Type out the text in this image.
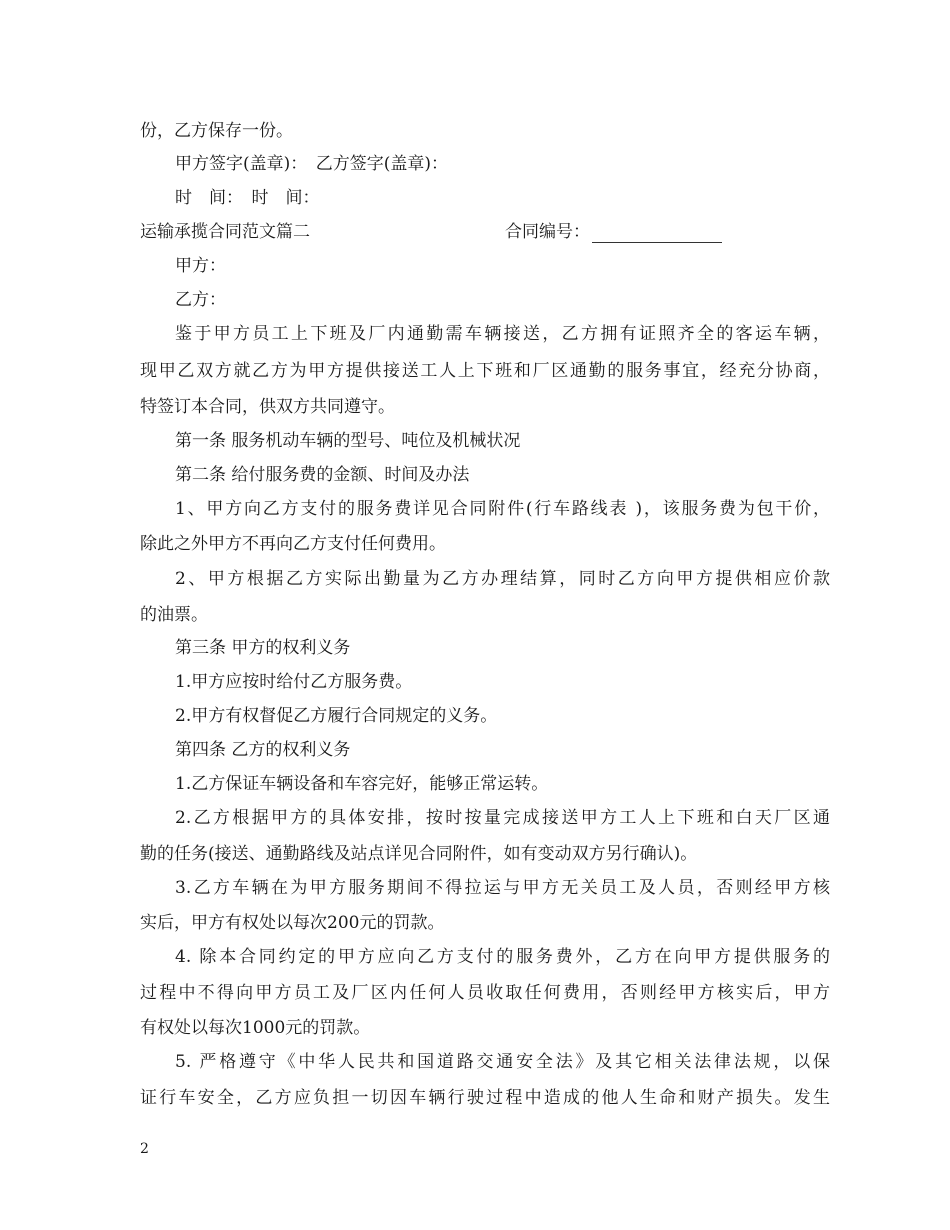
份，乙方保存一份。
甲方签字(盖章)：　乙方签字(盖章)：
时　间：　时　间：
运输承揽合同范文篇二	合同编号：
甲方：
乙方：
鉴于甲方员工上下班及厂内通勤需车辆接送，乙方拥有证照齐全的客运车辆，
现甲乙双方就乙方为甲方提供接送工人上下班和厂区通勤的服务事宜，经充分协商，
特签订本合同，供双方共同遵守。
第一条 服务机动车辆的型号、吨位及机械状况
第二条 给付服务费的金额、时间及办法
1、甲方向乙方支付的服务费详见合同附件(行车路线表 )，该服务费为包干价，
除此之外甲方不再向乙方支付任何费用。
2、甲方根据乙方实际出勤量为乙方办理结算，同时乙方向甲方提供相应价款
的油票。
第三条 甲方的权利义务
1.甲方应按时给付乙方服务费。
2.甲方有权督促乙方履行合同规定的义务。
第四条 乙方的权利义务
1.乙方保证车辆设备和车容完好，能够正常运转。
2.乙方根据甲方的具体安排，按时按量完成接送甲方工人上下班和白天厂区通
勤的任务(接送、通勤路线及站点详见合同附件，如有变动双方另行确认)。
3.乙方车辆在为甲方服务期间不得拉运与甲方无关员工及人员，否则经甲方核
实后，甲方有权处以每次200元的罚款。
4. 除本合同约定的甲方应向乙方支付的服务费外，乙方在向甲方提供服务的
过程中不得向甲方员工及厂区内任何人员收取任何费用，否则经甲方核实后，甲方
有权处以每次1000元的罚款。
5. 严格遵守《中华人民共和国道路交通安全法》及其它相关法律法规，以保
证行车安全，乙方应负担一切因车辆行驶过程中造成的他人生命和财产损失。发生
2
